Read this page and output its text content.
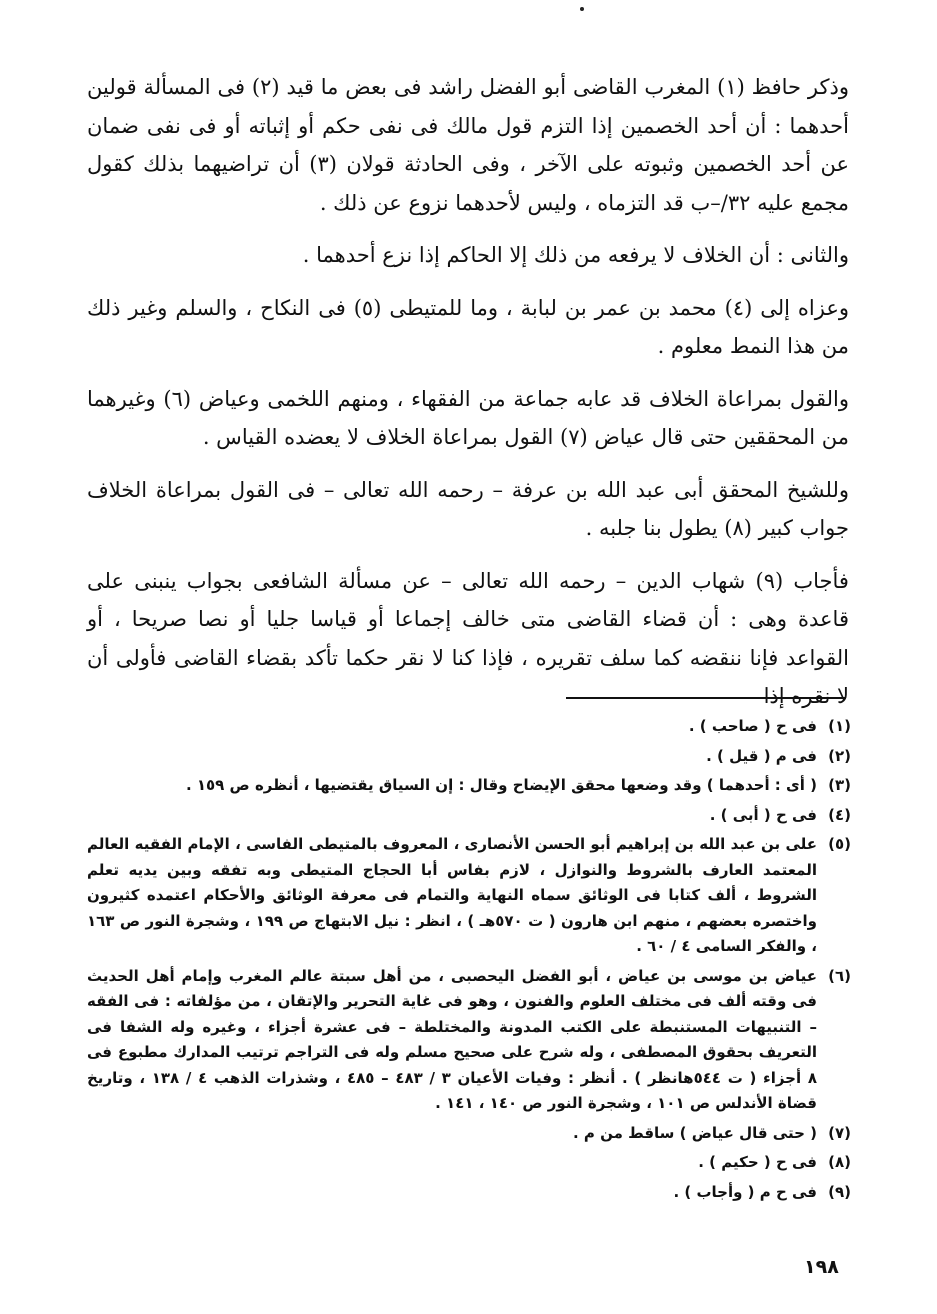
وذكر حافظ (١) المغرب القاضى أبو الفضل راشد فى بعض ما قيد (٢) فى المسألة قولين أحدهما : أن أحد الخصمين إذا التزم قول مالك فى نفى حكم أو إثباته أو فى نفى ضمان عن أحد الخصمين وثبوته على الآخر ، وفى الحادثة قولان (٣) أن تراضيهما بذلك كقول مجمع عليه ٣٢/–ب قد التزماه ، وليس لأحدهما نزوع عن ذلك .

والثانى : أن الخلاف لا يرفعه من ذلك إلا الحاكم إذا نزع أحدهما .

وعزاه إلى (٤) محمد بن عمر بن لبابة ، وما للمتيطى (٥) فى النكاح ، والسلم وغير ذلك من هذا النمط معلوم .

والقول بمراعاة الخلاف قد عابه جماعة من الفقهاء ، ومنهم اللخمى وعياض (٦) وغيرهما من المحققين حتى قال عياض (٧) القول بمراعاة الخلاف لا يعضده القياس .

وللشيخ المحقق أبى عبد الله بن عرفة – رحمه الله تعالى – فى القول بمراعاة الخلاف جواب كبير (٨) يطول بنا جلبه .

فأجاب (٩) شهاب الدين – رحمه الله تعالى – عن مسألة الشافعى بجواب ينبنى على قاعدة وهى : أن قضاء القاضى متى خالف إجماعا أو قياسا جليا أو نصا صريحا ، أو القواعد فإنا ننقضه كما سلف تقريره ، فإذا كنا لا نقر حكما تأكد بقضاء القاضى فأولى أن لا نقره إذا

(١)
فى ح ( صاحب ) .
(٢)
فى م ( قيل ) .
(٣)
( أى : أحدهما ) وقد وضعها محقق الإيضاح وقال : إن السياق يقتضيها ، أنظره ص ١٥٩ .
(٤)
فى ح ( أبى ) .
(٥)
على بن عبد الله بن إبراهيم أبو الحسن الأنصارى ، المعروف بالمتيطى الفاسى ، الإمام الفقيه العالم المعتمد العارف بالشروط والنوازل ، لازم بفاس أبا الحجاج المتيطى وبه تفقه وبين يديه تعلم الشروط ، ألف كتابا فى الوثائق سماه النهاية والتمام فى معرفة الوثائق والأحكام اعتمده كثيرون واختصره بعضهم ، منهم ابن هارون ( ت ٥٧٠هـ ) ، انظر : نيل الابتهاج ص ١٩٩ ، وشجرة النور ص ١٦٣ ، والفكر السامى ٤ / ٦٠ .
(٦)
عياض بن موسى بن عياض ، أبو الفضل اليحصبى ، من أهل سبتة عالم المغرب وإمام أهل الحديث فى وقته ألف فى مختلف العلوم والفنون ، وهو فى غاية التحرير والإتقان ، من مؤلفاته : فى الفقه – التنبيهات المستنبطة على الكتب المدونة والمختلطة – فى عشرة أجزاء ، وغيره وله الشفا فى التعريف بحقوق المصطفى ، وله شرح على صحيح مسلم وله فى التراجم ترتيب المدارك مطبوع فى ٨ أجزاء ( ت ٥٤٤هانظر ) . أنظر : وفيات الأعيان ٣ / ٤٨٣ – ٤٨٥ ، وشذرات الذهب ٤ / ١٣٨ ، وتاريخ قضاة الأندلس ص ١٠١ ، وشجرة النور ص ١٤٠ ، ١٤١ .
(٧)
( حتى قال عياض ) ساقط من م .
(٨)
فى ح ( حكيم ) .
(٩)
فى ح م ( وأجاب ) .
١٩٨
